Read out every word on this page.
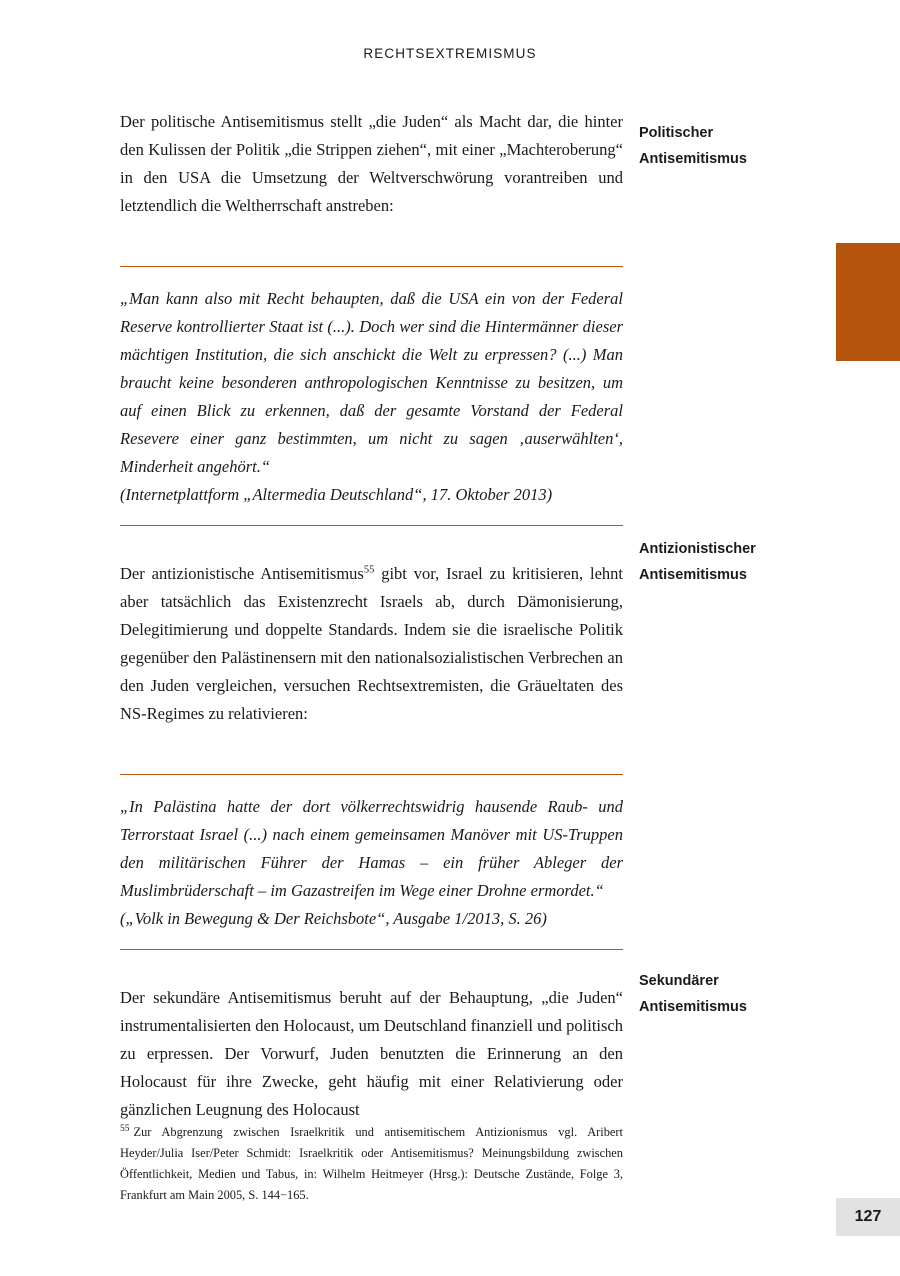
RECHTSEXTREMISMUS
127

Der politische Antisemitismus stellt „die Juden“ als Macht dar, die hinter den Kulissen der Politik „die Strippen ziehen“, mit einer „Machteroberung“ in den USA die Umsetzung der Weltverschwörung vorantreiben und letztendlich die Weltherrschaft anstreben:

„Man kann also mit Recht behaupten, daß die USA ein von der Federal Reserve kontrollierter Staat ist (...). Doch wer sind die Hintermänner dieser mächtigen Institution, die sich anschickt die Welt zu erpressen? (...) Man braucht keine besonderen anthropologischen Kenntnisse zu besitzen, um auf einen Blick zu erkennen, daß der gesamte Vorstand der Federal Resevere einer ganz bestimmten, um nicht zu sagen ‚auserwählten‘, Minderheit angehört.“

(Internetplattform „Altermedia Deutschland“, 17. Oktober 2013)

Der antizionistische Antisemitismus$^{55}$ gibt vor, Israel zu kritisieren, lehnt aber tatsächlich das Existenzrecht Israels ab, durch Dämonisierung, Delegitimierung und doppelte Standards. Indem sie die israelische Politik gegenüber den Palästinensern mit den nationalsozialistischen Verbrechen an den Juden vergleichen, versuchen Rechtsextremisten, die Gräueltaten des NS-Regimes zu relativieren:

„In Palästina hatte der dort völkerrechtswidrig hausende Raub- und Terrorstaat Israel (...) nach einem gemeinsamen Manöver mit US-Truppen den militärischen Führer der Hamas – ein früher Ableger der Muslimbrüderschaft – im Gazastreifen im Wege einer Drohne ermordet.“

(„Volk in Bewegung & Der Reichsbote“, Ausgabe 1/2013, S. 26)

Der sekundäre Antisemitismus beruht auf der Behauptung, „die Juden“ instrumentalisierten den Holocaust, um Deutschland finanziell und politisch zu erpressen. Der Vorwurf, Juden benutzten die Erinnerung an den Holocaust für ihre Zwecke, geht häufig mit einer Relativierung oder gänzlichen Leugnung des Holocaust

Politischer
Antisemitismus
Antizionistischer
Antisemitismus
Sekundärer
Antisemitismus
$^{55}$ Zur Abgrenzung zwischen Israelkritik und antisemitischem Antizionismus vgl. Aribert Heyder/Julia Iser/Peter Schmidt: Israelkritik oder Antisemitismus? Meinungsbildung zwischen Öffentlichkeit, Medien und Tabus, in: Wilhelm Heitmeyer (Hrsg.): Deutsche Zustände, Folge 3, Frankfurt am Main 2005, S. 144−165.
